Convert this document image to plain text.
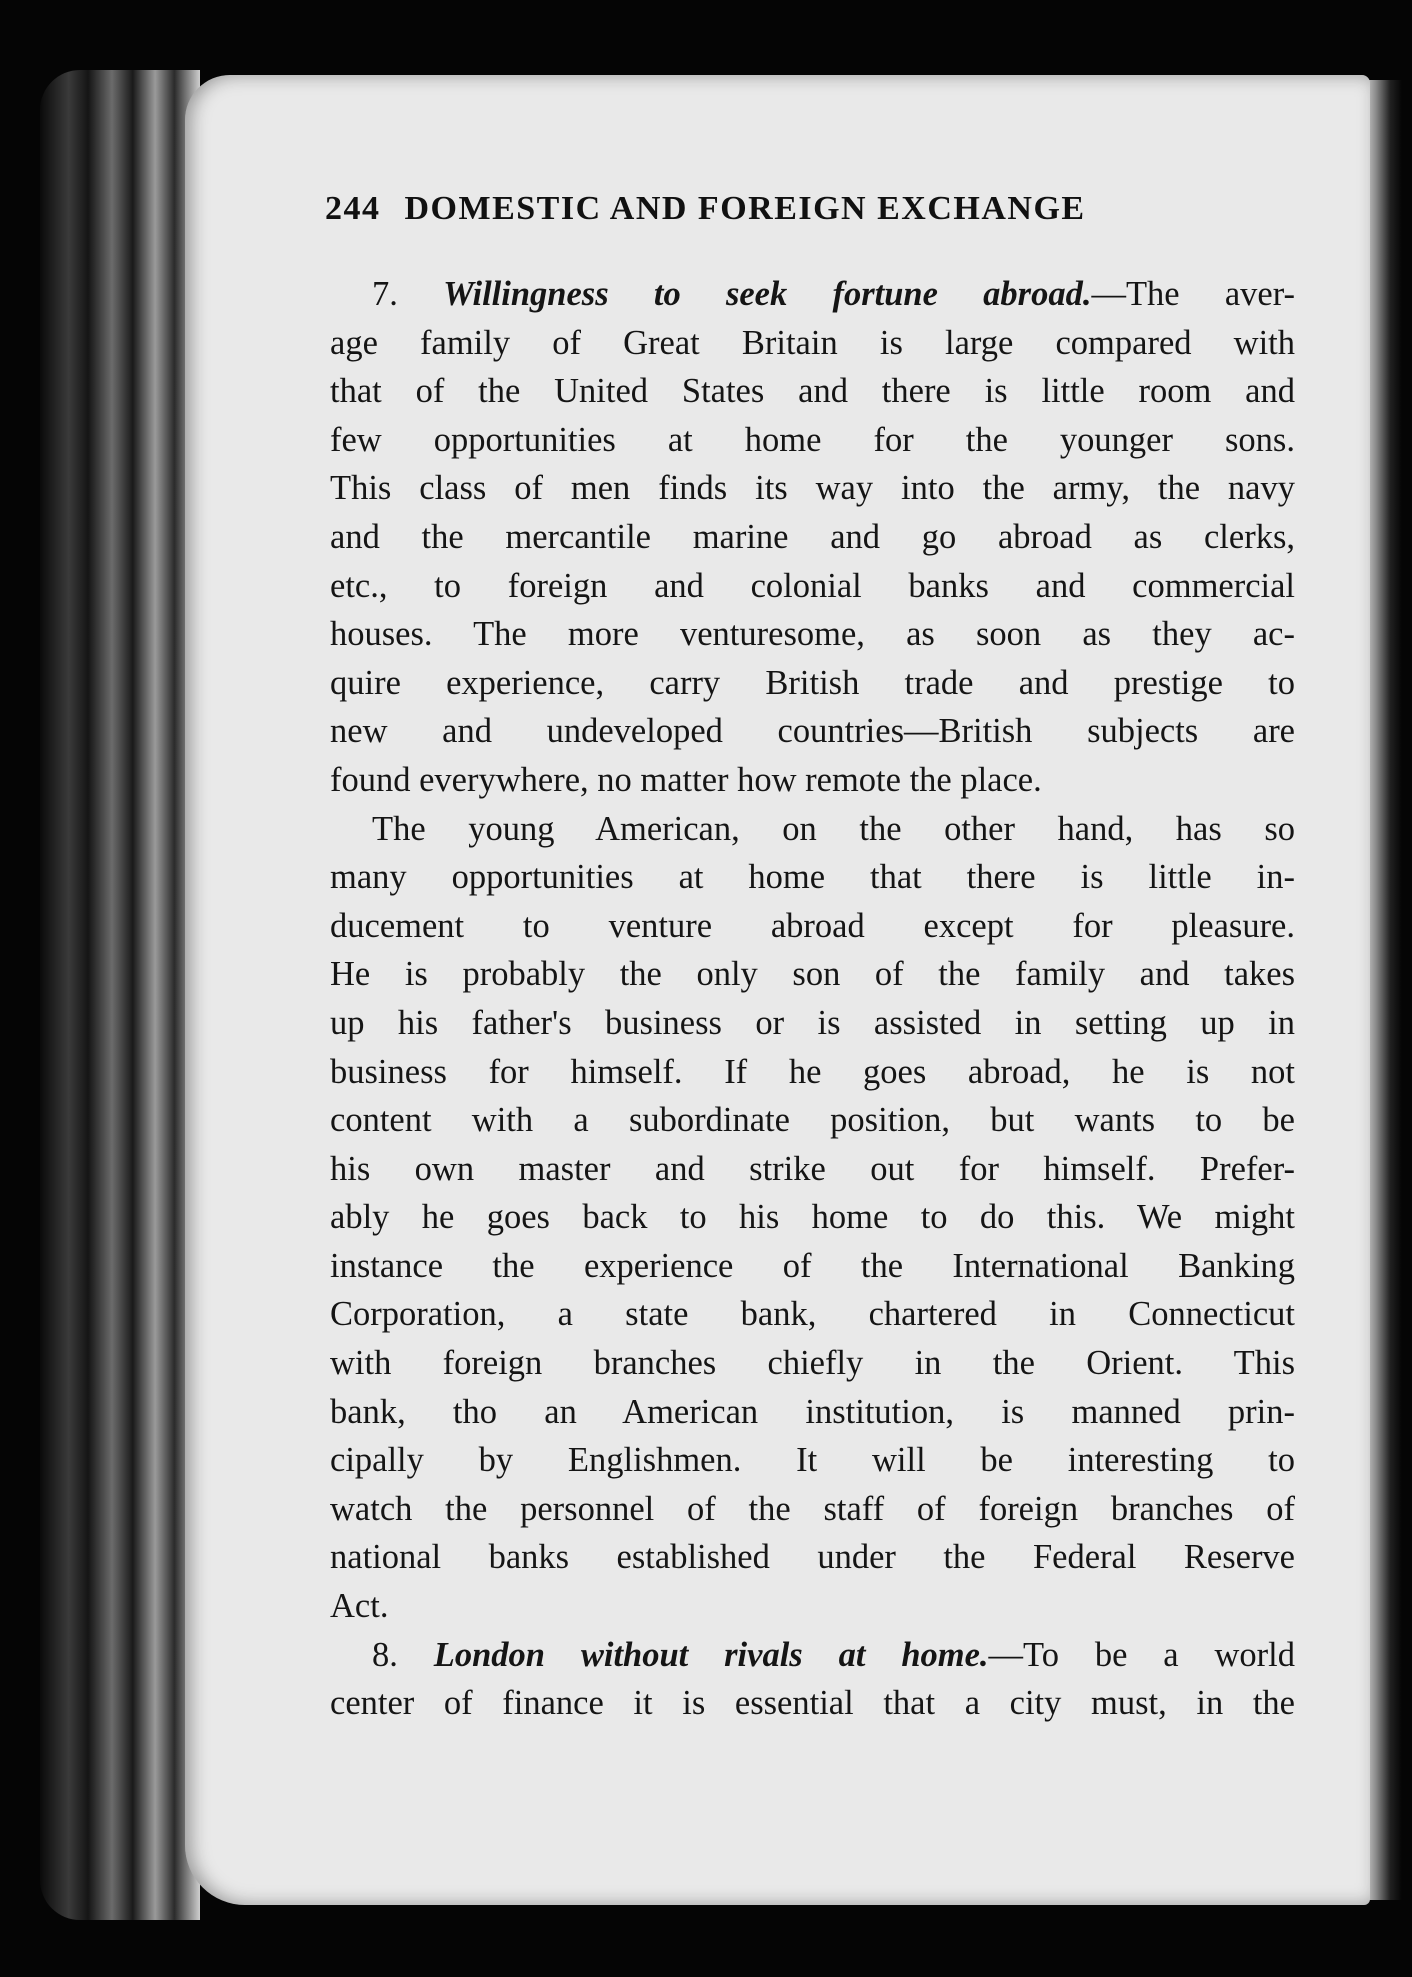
244 DOMESTIC AND FOREIGN EXCHANGE
7. Willingness to seek fortune abroad.—The aver-
age family of Great Britain is large compared with
that of the United States and there is little room and
few opportunities at home for the younger sons.
This class of men finds its way into the army, the navy
and the mercantile marine and go abroad as clerks,
etc., to foreign and colonial banks and commercial
houses. The more venturesome, as soon as they ac-
quire experience, carry British trade and prestige to
new and undeveloped countries—British subjects are
found everywhere, no matter how remote the place.
The young American, on the other hand, has so
many opportunities at home that there is little in-
ducement to venture abroad except for pleasure.
He is probably the only son of the family and takes
up his father's business or is assisted in setting up in
business for himself. If he goes abroad, he is not
content with a subordinate position, but wants to be
his own master and strike out for himself. Prefer-
ably he goes back to his home to do this. We might
instance the experience of the International Banking
Corporation, a state bank, chartered in Connecticut
with foreign branches chiefly in the Orient. This
bank, tho an American institution, is manned prin-
cipally by Englishmen. It will be interesting to
watch the personnel of the staff of foreign branches of
national banks established under the Federal Reserve
Act.
8. London without rivals at home.—To be a world
center of finance it is essential that a city must, in the
